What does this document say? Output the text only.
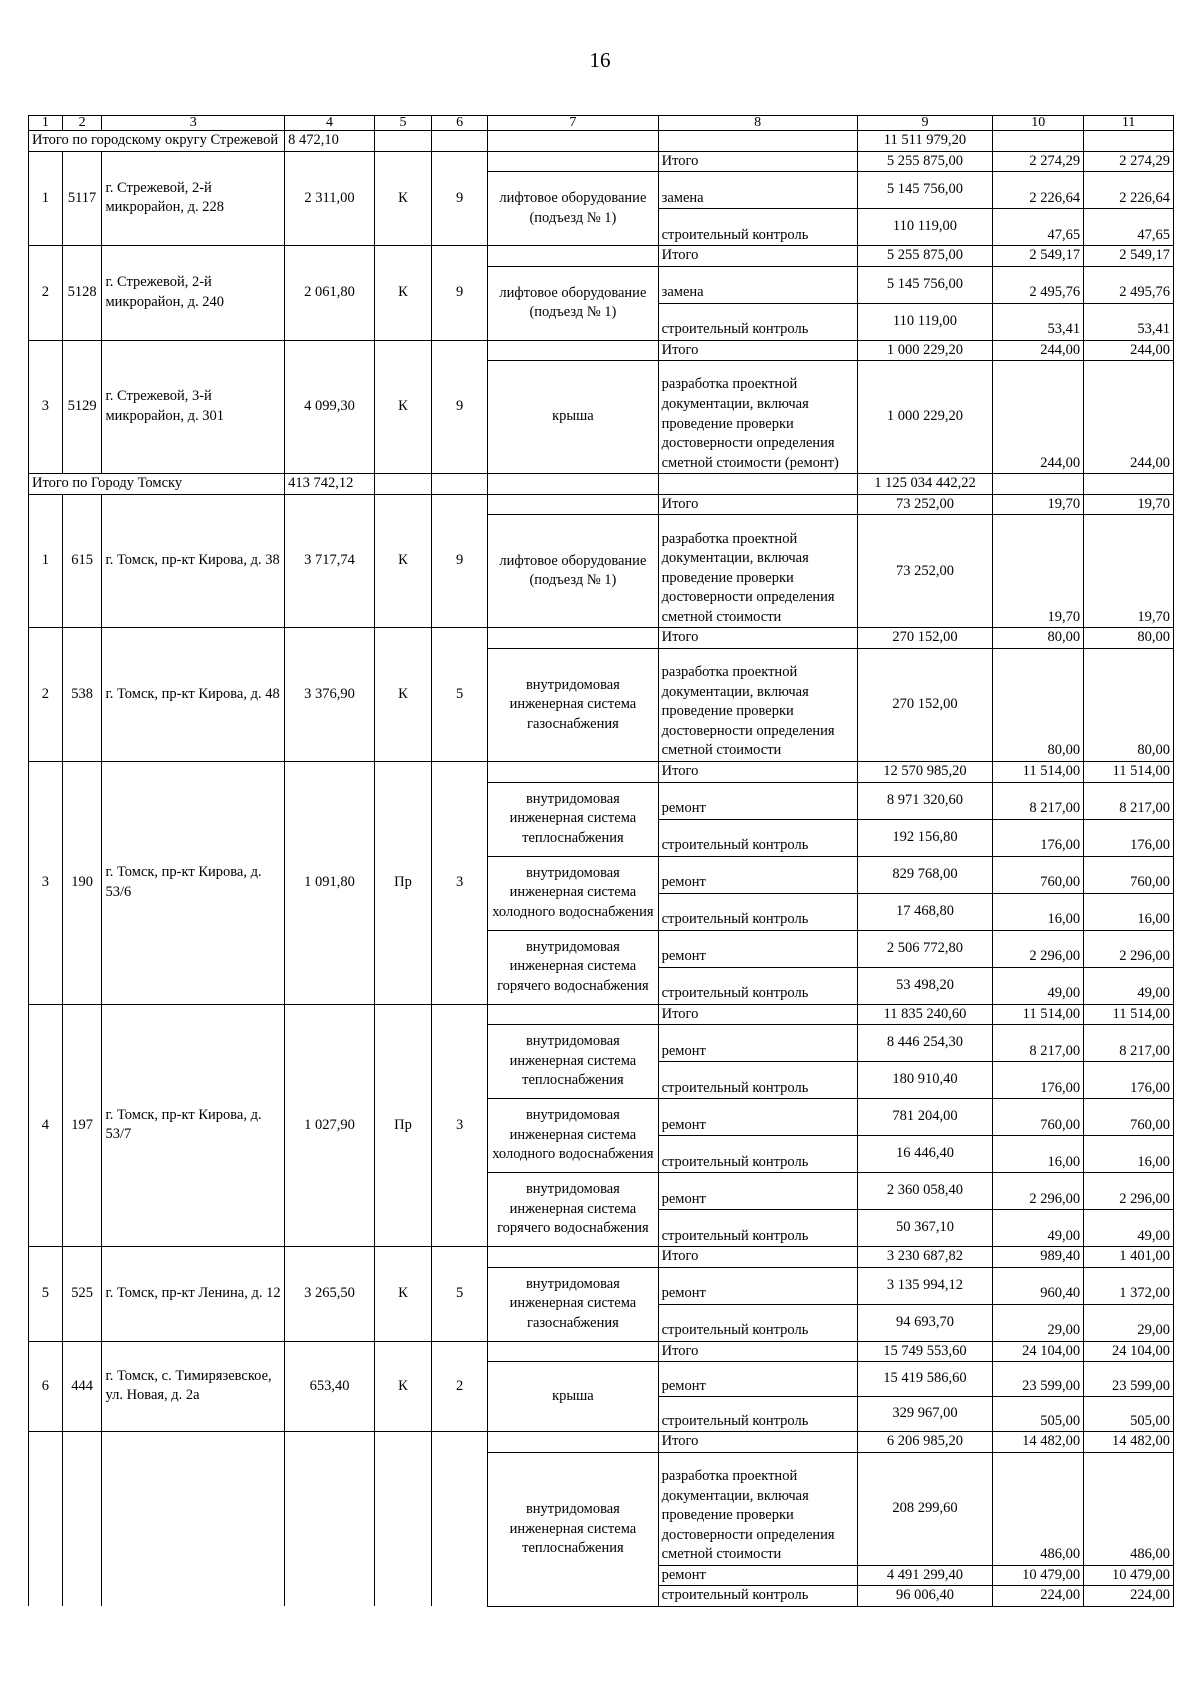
16
1	2	3	4	5	6	7	8	9	10	11
Итого по городскому округу Стрежевой			8 472,10					11 511 979,20		
1	5117	г. Стрежевой, 2-й микрорайон, д. 228	2 311,00	К	9		Итого	5 255 875,00	2 274,29	2 274,29
						лифтовое оборудование (подъезд № 1)	замена	5 145 756,00	2 226,64	2 226,64
							строительный контроль	110 119,00	47,65	47,65
2	5128	г. Стрежевой, 2-й микрорайон, д. 240	2 061,80	К	9		Итого	5 255 875,00	2 549,17	2 549,17
						лифтовое оборудование (подъезд № 1)	замена	5 145 756,00	2 495,76	2 495,76
							строительный контроль	110 119,00	53,41	53,41
3	5129	г. Стрежевой, 3-й микрорайон, д. 301	4 099,30	К	9		Итого	1 000 229,20	244,00	244,00
						крыша	разработка проектной документации, включая проведение проверки достоверности определения сметной стоимости (ремонт)	1 000 229,20	244,00	244,00
Итого по Городу Томску			413 742,12					1 125 034 442,22		
1	615	г. Томск, пр-кт Кирова, д. 38	3 717,74	К	9		Итого	73 252,00	19,70	19,70
						лифтовое оборудование (подъезд № 1)	разработка проектной документации, включая проведение проверки достоверности определения сметной стоимости	73 252,00	19,70	19,70
2	538	г. Томск, пр-кт Кирова, д. 48	3 376,90	К	5		Итого	270 152,00	80,00	80,00
						внутридомовая инженерная система газоснабжения	разработка проектной документации, включая проведение проверки достоверности определения сметной стоимости	270 152,00	80,00	80,00
3	190	г. Томск, пр-кт Кирова, д. 53/6	1 091,80	Пр	3		Итого	12 570 985,20	11 514,00	11 514,00
						внутридомовая инженерная система теплоснабжения	ремонт	8 971 320,60	8 217,00	8 217,00
							строительный контроль	192 156,80	176,00	176,00
						внутридомовая инженерная система холодного водоснабжения	ремонт	829 768,00	760,00	760,00
							строительный контроль	17 468,80	16,00	16,00
						внутридомовая инженерная система горячего водоснабжения	ремонт	2 506 772,80	2 296,00	2 296,00
							строительный контроль	53 498,20	49,00	49,00
4	197	г. Томск, пр-кт Кирова, д. 53/7	1 027,90	Пр	3		Итого	11 835 240,60	11 514,00	11 514,00
						внутридомовая инженерная система теплоснабжения	ремонт	8 446 254,30	8 217,00	8 217,00
							строительный контроль	180 910,40	176,00	176,00
						внутридомовая инженерная система холодного водоснабжения	ремонт	781 204,00	760,00	760,00
							строительный контроль	16 446,40	16,00	16,00
						внутридомовая инженерная система горячего водоснабжения	ремонт	2 360 058,40	2 296,00	2 296,00
							строительный контроль	50 367,10	49,00	49,00
5	525	г. Томск, пр-кт Ленина, д. 12	3 265,50	К	5		Итого	3 230 687,82	989,40	1 401,00
						внутридомовая инженерная система газоснабжения	ремонт	3 135 994,12	960,40	1 372,00
							строительный контроль	94 693,70	29,00	29,00
6	444	г. Томск, с. Тимирязевское, ул. Новая, д. 2а	653,40	К	2		Итого	15 749 553,60	24 104,00	24 104,00
						крыша	ремонт	15 419 586,60	23 599,00	23 599,00
							строительный контроль	329 967,00	505,00	505,00
							Итого	6 206 985,20	14 482,00	14 482,00
						внутридомовая инженерная система теплоснабжения	разработка проектной документации, включая проведение проверки достоверности определения сметной стоимости	208 299,60	486,00	486,00
							ремонт	4 491 299,40	10 479,00	10 479,00
							строительный контроль	96 006,40	224,00	224,00
